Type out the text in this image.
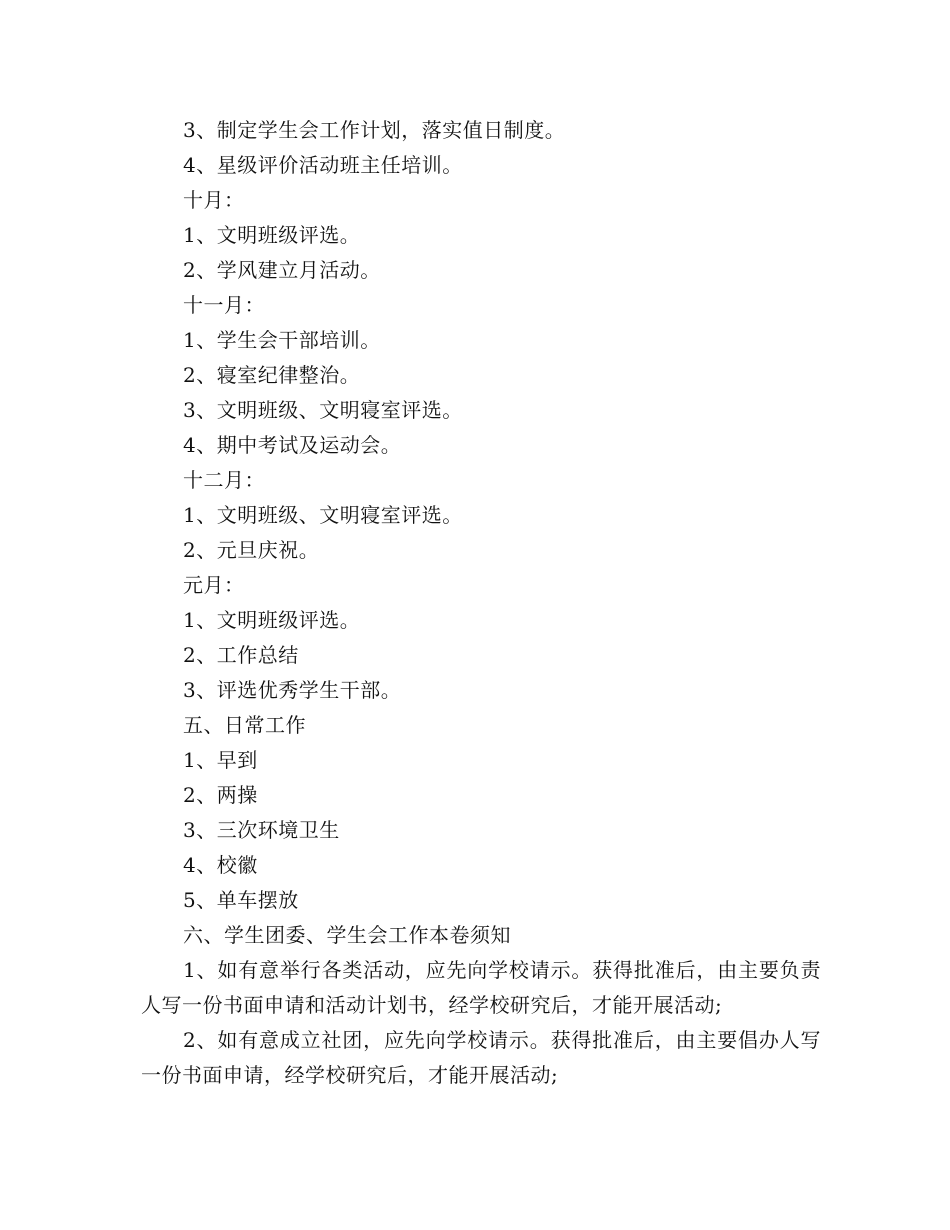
3、制定学生会工作计划，落实值日制度。
4、星级评价活动班主任培训。
十月：
1、文明班级评选。
2、学风建立月活动。
十一月：
1、学生会干部培训。
2、寝室纪律整治。
3、文明班级、文明寝室评选。
4、期中考试及运动会。
十二月：
1、文明班级、文明寝室评选。
2、元旦庆祝。
元月：
1、文明班级评选。
2、工作总结
3、评选优秀学生干部。
五、日常工作
1、早到
2、两操
3、三次环境卫生
4、校徽
5、单车摆放
六、学生团委、学生会工作本卷须知

1、如有意举行各类活动，应先向学校请示。获得批准后，由主要负责人写一份书面申请和活动计划书，经学校研究后，才能开展活动;

2、如有意成立社团，应先向学校请示。获得批准后，由主要倡办人写一份书面申请，经学校研究后，才能开展活动;
